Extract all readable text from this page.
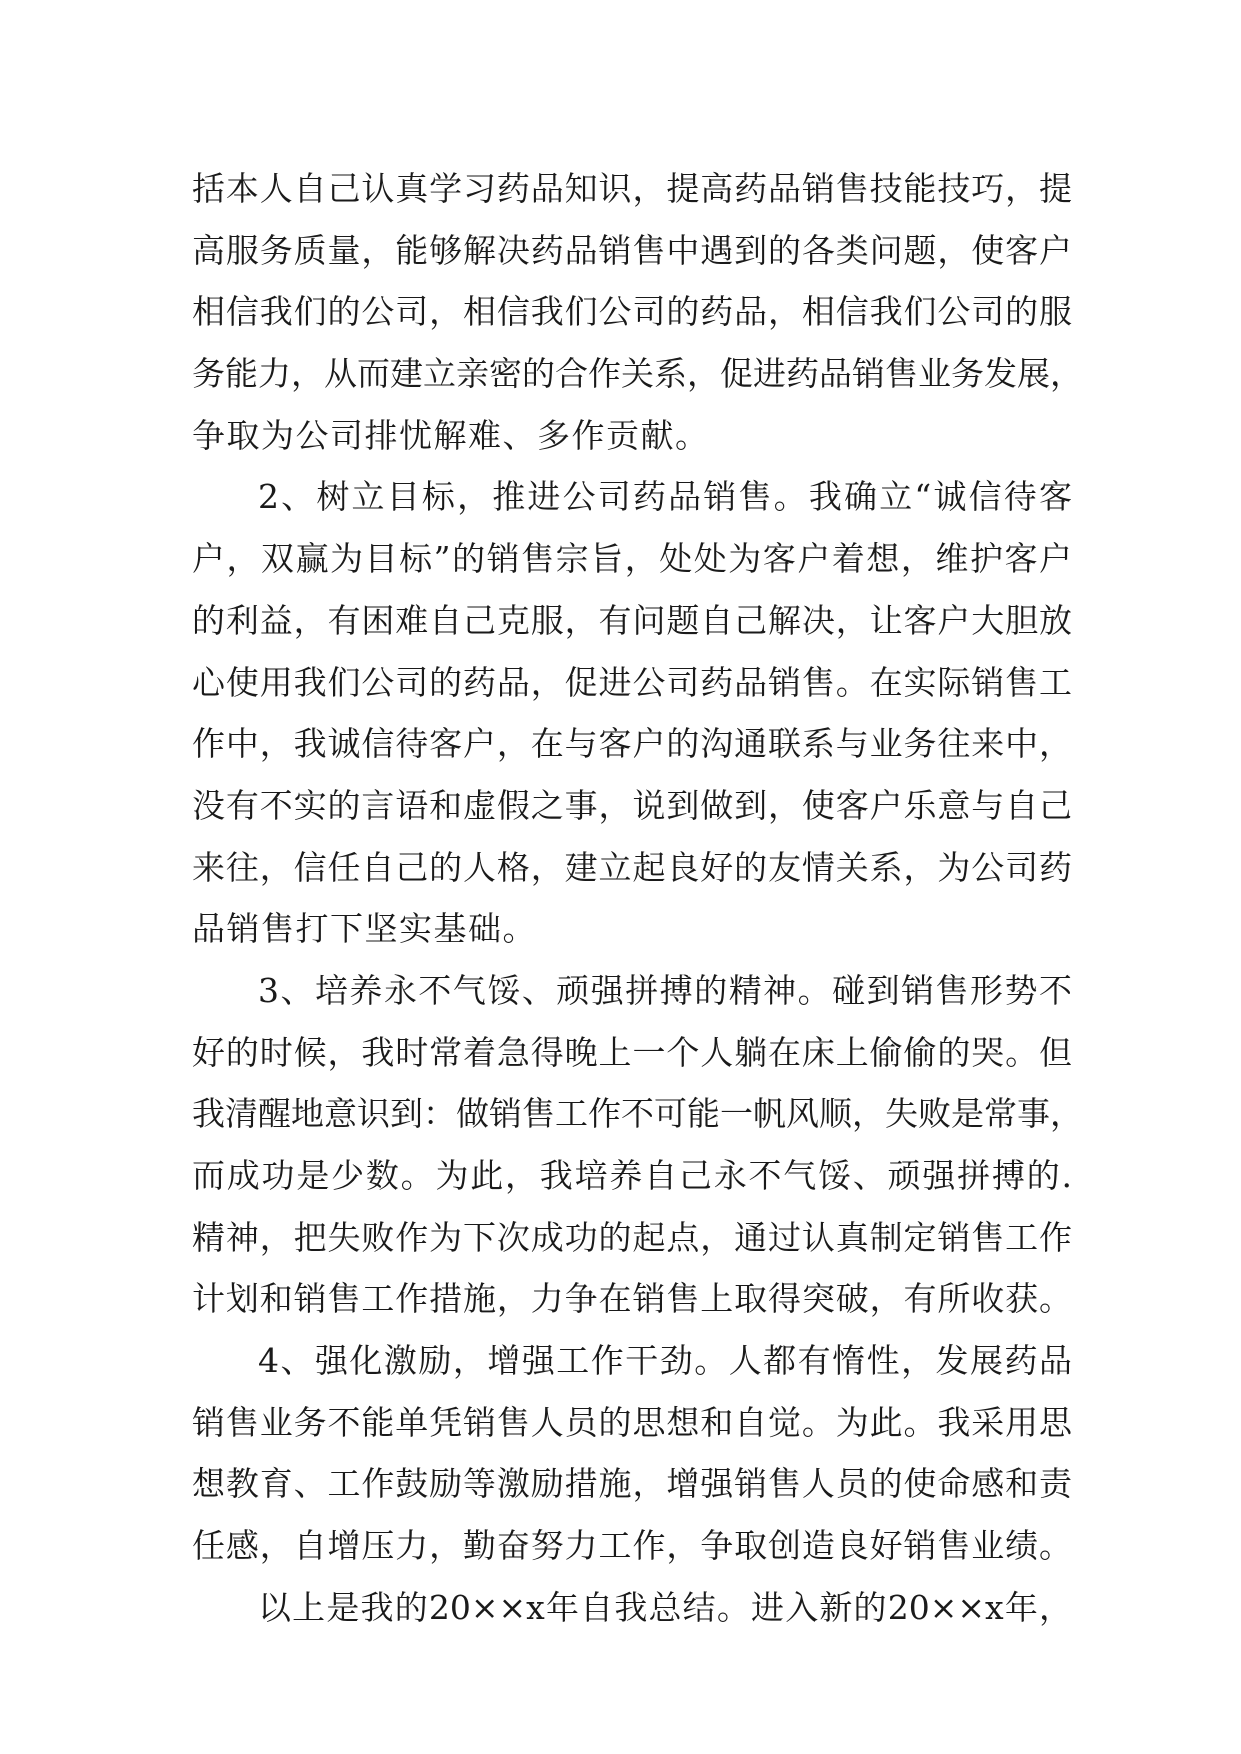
括本人自己认真学习药品知识，提高药品销售技能技巧，提
高服务质量，能够解决药品销售中遇到的各类问题，使客户
相信我们的公司，相信我们公司的药品，相信我们公司的服
务能力，从而建立亲密的合作关系，促进药品销售业务发展，
争取为公司排忧解难、多作贡献。
2、树立目标，推进公司药品销售。我确立“诚信待客
户，双赢为目标”的销售宗旨，处处为客户着想，维护客户
的利益，有困难自己克服，有问题自己解决，让客户大胆放
心使用我们公司的药品，促进公司药品销售。在实际销售工
作中，我诚信待客户，在与客户的沟通联系与业务往来中，
没有不实的言语和虚假之事，说到做到，使客户乐意与自己
来往，信任自己的人格，建立起良好的友情关系，为公司药
品销售打下坚实基础。
3、培养永不气馁、顽强拼搏的精神。碰到销售形势不
好的时候，我时常着急得晚上一个人躺在床上偷偷的哭。但
我清醒地意识到：做销售工作不可能一帆风顺，失败是常事，
而成功是少数。为此，我培养自己永不气馁、顽强拼搏的.
精神，把失败作为下次成功的起点，通过认真制定销售工作
计划和销售工作措施，力争在销售上取得突破，有所收获。
4、强化激励，增强工作干劲。人都有惰性，发展药品
销售业务不能单凭销售人员的思想和自觉。为此。我采用思
想教育、工作鼓励等激励措施，增强销售人员的使命感和责
任感，自增压力，勤奋努力工作，争取创造良好销售业绩。
以上是我的20××x年自我总结。进入新的20××x年，
